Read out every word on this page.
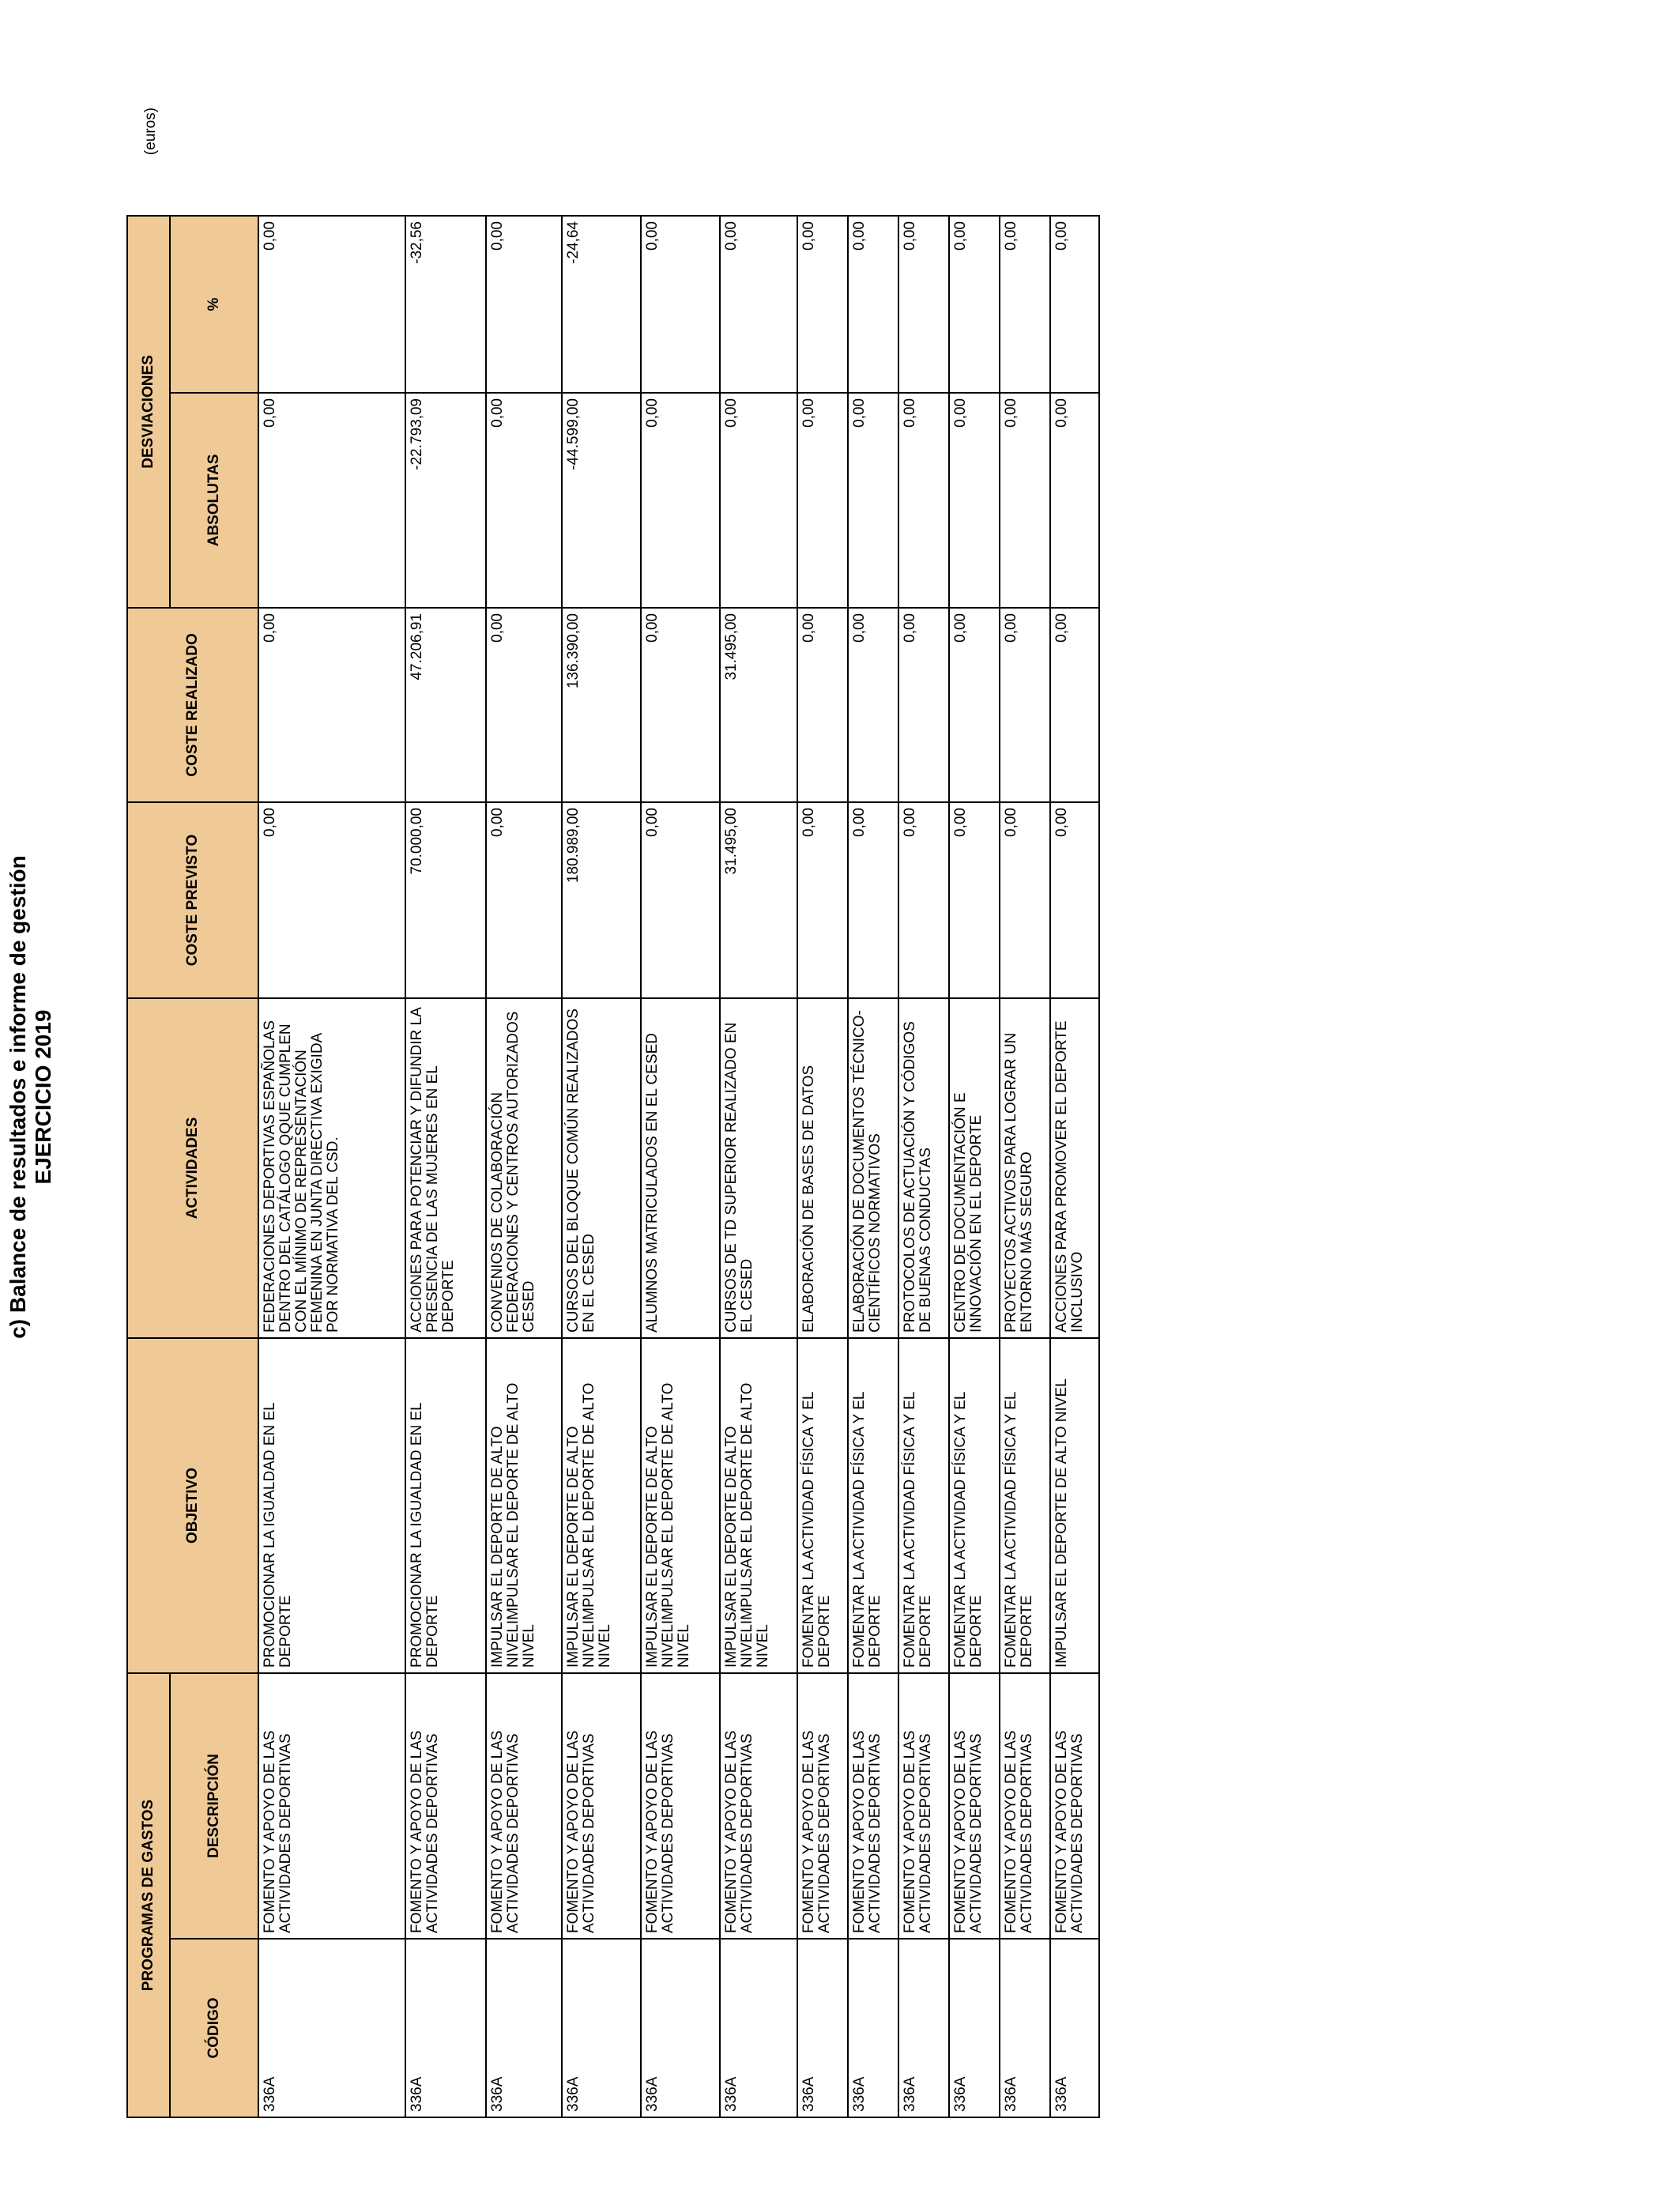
c) Balance de resultados e informe de gestión EJERCICIO 2019
(euros)
PROGRAMAS DE GASTOS		OBJETIVO	ACTIVIDADES	COSTE PREVISTO	COSTE REALIZADO	DESVIACIONES	
CÓDIGO	DESCRIPCIÓN					ABSOLUTAS	%
336A	FOMENTO Y APOYO DE LAS ACTIVIDADES DEPORTIVAS	PROMOCIONAR LA IGUALDAD EN EL DEPORTE	FEDERACIONES DEPORTIVAS ESPAÑOLAS DENTRO DEL CATÁLOGO QQUE CUMPLEN CON EL MÍNIMO DE REPRESENTACIÓN FEMENINA EN JUNTA DIRECTIVA EXIGIDA POR NORMATIVA DEL CSD.	0,00	0,00	0,00	0,00
336A	FOMENTO Y APOYO DE LAS ACTIVIDADES DEPORTIVAS	PROMOCIONAR LA IGUALDAD EN EL DEPORTE	ACCIONES PARA POTENCIAR Y DIFUNDIR LA PRESENCIA DE LAS MUJERES EN EL DEPORTE	70.000,00	47.206,91	-22.793,09	-32,56
336A	FOMENTO Y APOYO DE LAS ACTIVIDADES DEPORTIVAS	IMPULSAR EL DEPORTE DE ALTO NIVELIMPULSAR EL DEPORTE DE ALTO NIVEL	CONVENIOS DE COLABORACIÓN FEDERACIONES Y CENTROS AUTORIZADOS CESED	0,00	0,00	0,00	0,00
336A	FOMENTO Y APOYO DE LAS ACTIVIDADES DEPORTIVAS	IMPULSAR EL DEPORTE DE ALTO NIVELIMPULSAR EL DEPORTE DE ALTO NIVEL	CURSOS DEL BLOQUE COMÚN REALIZADOS EN EL CESED	180.989,00	136.390,00	-44.599,00	-24,64
336A	FOMENTO Y APOYO DE LAS ACTIVIDADES DEPORTIVAS	IMPULSAR EL DEPORTE DE ALTO NIVELIMPULSAR EL DEPORTE DE ALTO NIVEL	ALUMNOS MATRICULADOS EN EL CESED	0,00	0,00	0,00	0,00
336A	FOMENTO Y APOYO DE LAS ACTIVIDADES DEPORTIVAS	IMPULSAR EL DEPORTE DE ALTO NIVELIMPULSAR EL DEPORTE DE ALTO NIVEL	CURSOS DE TD SUPERIOR REALIZADO EN EL CESED	31.495,00	31.495,00	0,00	0,00
336A	FOMENTO Y APOYO DE LAS ACTIVIDADES DEPORTIVAS	FOMENTAR LA ACTIVIDAD FÍSICA Y EL DEPORTE	ELABORACIÓN DE BASES DE DATOS	0,00	0,00	0,00	0,00
336A	FOMENTO Y APOYO DE LAS ACTIVIDADES DEPORTIVAS	FOMENTAR LA ACTIVIDAD FÍSICA Y EL DEPORTE	ELABORACIÓN DE DOCUMENTOS TÉCNICO-CIENTÍFICOS NORMATIVOS	0,00	0,00	0,00	0,00
336A	FOMENTO Y APOYO DE LAS ACTIVIDADES DEPORTIVAS	FOMENTAR LA ACTIVIDAD FÍSICA Y EL DEPORTE	PROTOCOLOS DE ACTUACIÓN Y CÓDIGOS DE BUENAS CONDUCTAS	0,00	0,00	0,00	0,00
336A	FOMENTO Y APOYO DE LAS ACTIVIDADES DEPORTIVAS	FOMENTAR LA ACTIVIDAD FÍSICA Y EL DEPORTE	CENTRO DE DOCUMENTACIÓN E INNOVACIÓN EN EL DEPORTE	0,00	0,00	0,00	0,00
336A	FOMENTO Y APOYO DE LAS ACTIVIDADES DEPORTIVAS	FOMENTAR LA ACTIVIDAD FÍSICA Y EL DEPORTE	PROYECTOS ACTIVOS PARA LOGRAR UN ENTORNO MÁS SEGURO	0,00	0,00	0,00	0,00
336A	FOMENTO Y APOYO DE LAS ACTIVIDADES DEPORTIVAS	IMPULSAR EL DEPORTE DE ALTO NIVEL	ACCIONES PARA PROMOVER EL DEPORTE INCLUSIVO	0,00	0,00	0,00	0,00
